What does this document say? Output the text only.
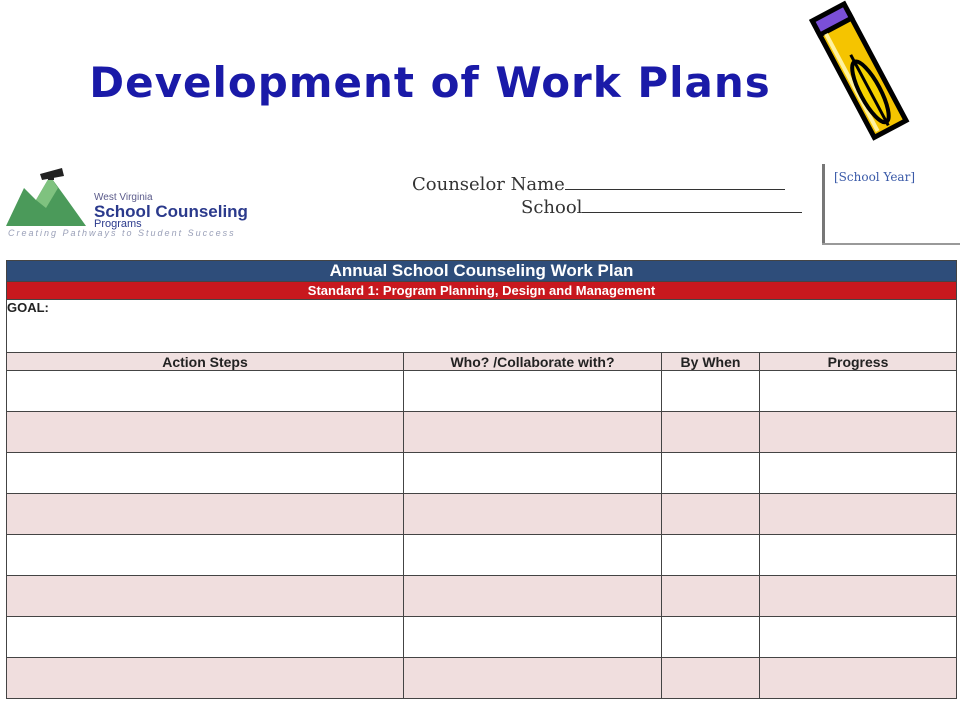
Development of Work Plans
West Virginia
School Counseling
Programs
Creating Pathways to Student Success
Counselor Name
School
[School Year]
Annual School Counseling Work Plan			
Standard 1: Program Planning, Design and Management			
GOAL:			
Action Steps	Who? /Collaborate with?	By When	Progress
